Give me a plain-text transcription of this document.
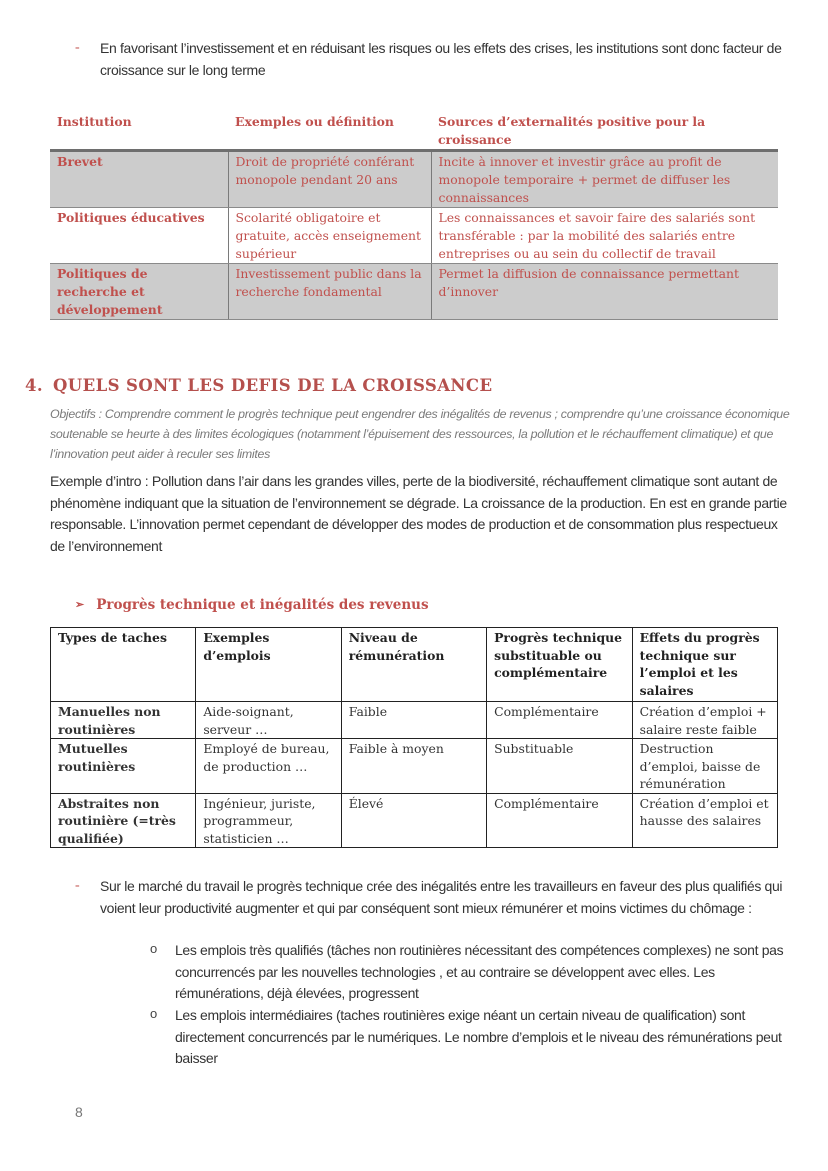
- En favorisant l’investissement et en réduisant les risques ou les effets des crises, les institutions sont donc facteur de croissance sur le long terme

Institution	Exemples ou définition	Sources d’externalités positive pour la croissance
Brevet	Droit de propriété conférant monopole pendant 20 ans	Incite à innover et investir grâce au profit de monopole temporaire + permet de diffuser les connaissances
Politiques éducatives	Scolarité obligatoire et gratuite, accès enseignement supérieur	Les connaissances et savoir faire des salariés sont transférable : par la mobilité des salariés entre entreprises ou au sein du collectif de travail
Politiques de recherche et développement	Investissement public dans la recherche fondamental	Permet la diffusion de connaissance permettant d’innover
4. QUELS SONT LES DEFIS DE LA CROISSANCE

Objectifs : Comprendre comment le progrès technique peut engendrer des inégalités de revenus ; comprendre qu’une croissance économique soutenable se heurte à des limites écologiques (notamment l’épuisement des ressources, la pollution et le réchauffement climatique) et que l’innovation peut aider à reculer ses limites

Exemple d’intro : Pollution dans l’air dans les grandes villes, perte de la biodiversité, réchauffement climatique sont autant de phénomène indiquant que la situation de l’environnement se dégrade. La croissance de la production. En est en grande partie responsable. L’innovation permet cependant de développer des modes de production et de consommation plus respectueux de l’environnement

➢ Progrès technique et inégalités des revenus
Types de taches	Exemples d’emplois	Niveau de rémunération	Progrès technique substituable ou complémentaire	Effets du progrès technique sur l’emploi et les salaires
Manuelles non routinières	Aide-soignant, serveur …	Faible	Complémentaire	Création d’emploi + salaire reste faible
Mutuelles routinières	Employé de bureau, de production …	Faible à moyen	Substituable	Destruction d’emploi, baisse de rémunération
Abstraites non routinière (=très qualifiée)	Ingénieur, juriste, programmeur, statisticien …	Élevé	Complémentaire	Création d’emploi et hausse des salaires
- Sur le marché du travail le progrès technique crée des inégalités entre les travailleurs en faveur des plus qualifiés qui voient leur productivité augmenter et qui par conséquent sont mieux rémunérer et moins victimes du chômage :

o Les emplois très qualifiés (tâches non routinières nécessitant des compétences complexes) ne sont pas concurrencés par les nouvelles technologies , et au contraire se développent avec elles. Les rémunérations, déjà élevées, progressent

o Les emplois intermédiaires (taches routinières exige néant un certain niveau de qualification) sont directement concurrencés par le numériques. Le nombre d’emplois et le niveau des rémunérations peut baisser

8
